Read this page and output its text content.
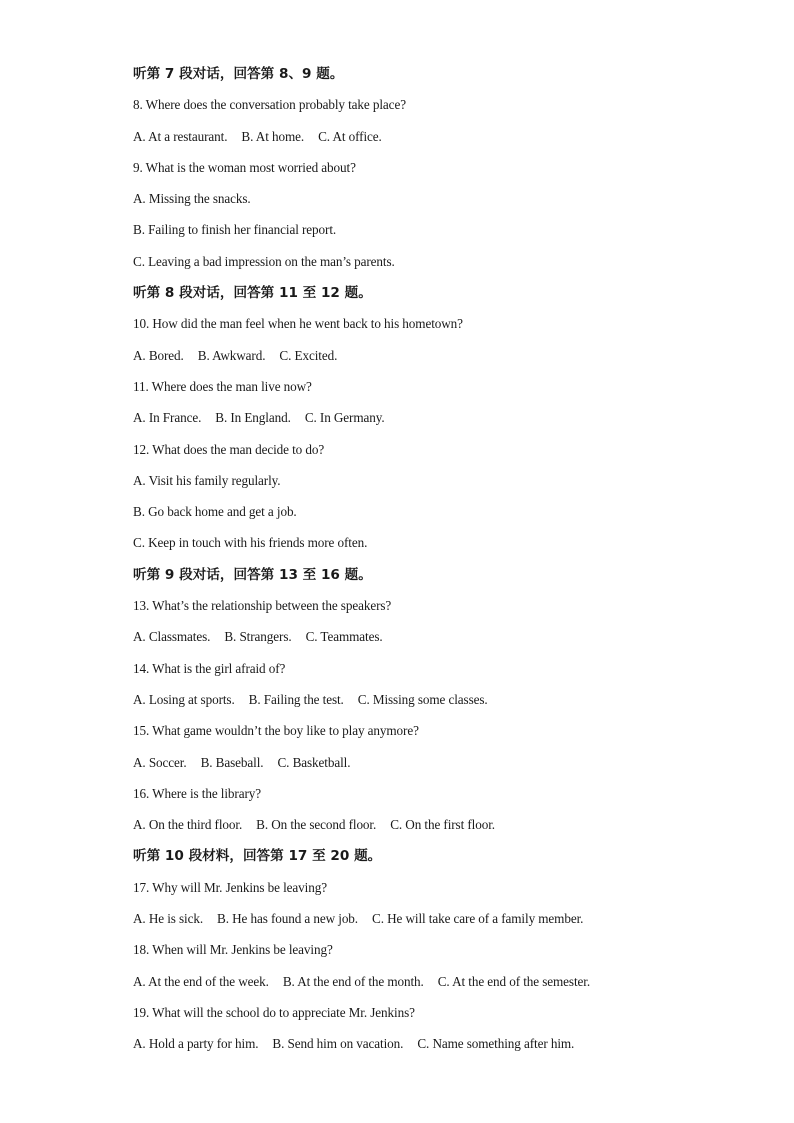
听第 7 段对话，回答第 8、9 题。
8. Where does the conversation probably take place?
A. At a restaurant. B. At home. C. At office.
9. What is the woman most worried about?
A. Missing the snacks.
B. Failing to finish her financial report.
C. Leaving a bad impression on the man’s parents.
听第 8 段对话，回答第 11 至 12 题。
10. How did the man feel when he went back to his hometown?
A. Bored. B. Awkward. C. Excited.
11. Where does the man live now?
A. In France. B. In England. C. In Germany.
12. What does the man decide to do?
A. Visit his family regularly.
B. Go back home and get a job.
C. Keep in touch with his friends more often.
听第 9 段对话，回答第 13 至 16 题。
13. What’s the relationship between the speakers?
A. Classmates. B. Strangers. C. Teammates.
14. What is the girl afraid of?
A. Losing at sports. B. Failing the test. C. Missing some classes.
15. What game wouldn’t the boy like to play anymore?
A. Soccer. B. Baseball. C. Basketball.
16. Where is the library?
A. On the third floor. B. On the second floor. C. On the first floor.
听第 10 段材料，回答第 17 至 20 题。
17. Why will Mr. Jenkins be leaving?
A. He is sick. B. He has found a new job. C. He will take care of a family member.
18. When will Mr. Jenkins be leaving?
A. At the end of the week. B. At the end of the month. C. At the end of the semester.
19. What will the school do to appreciate Mr. Jenkins?
A. Hold a party for him. B. Send him on vacation. C. Name something after him.
